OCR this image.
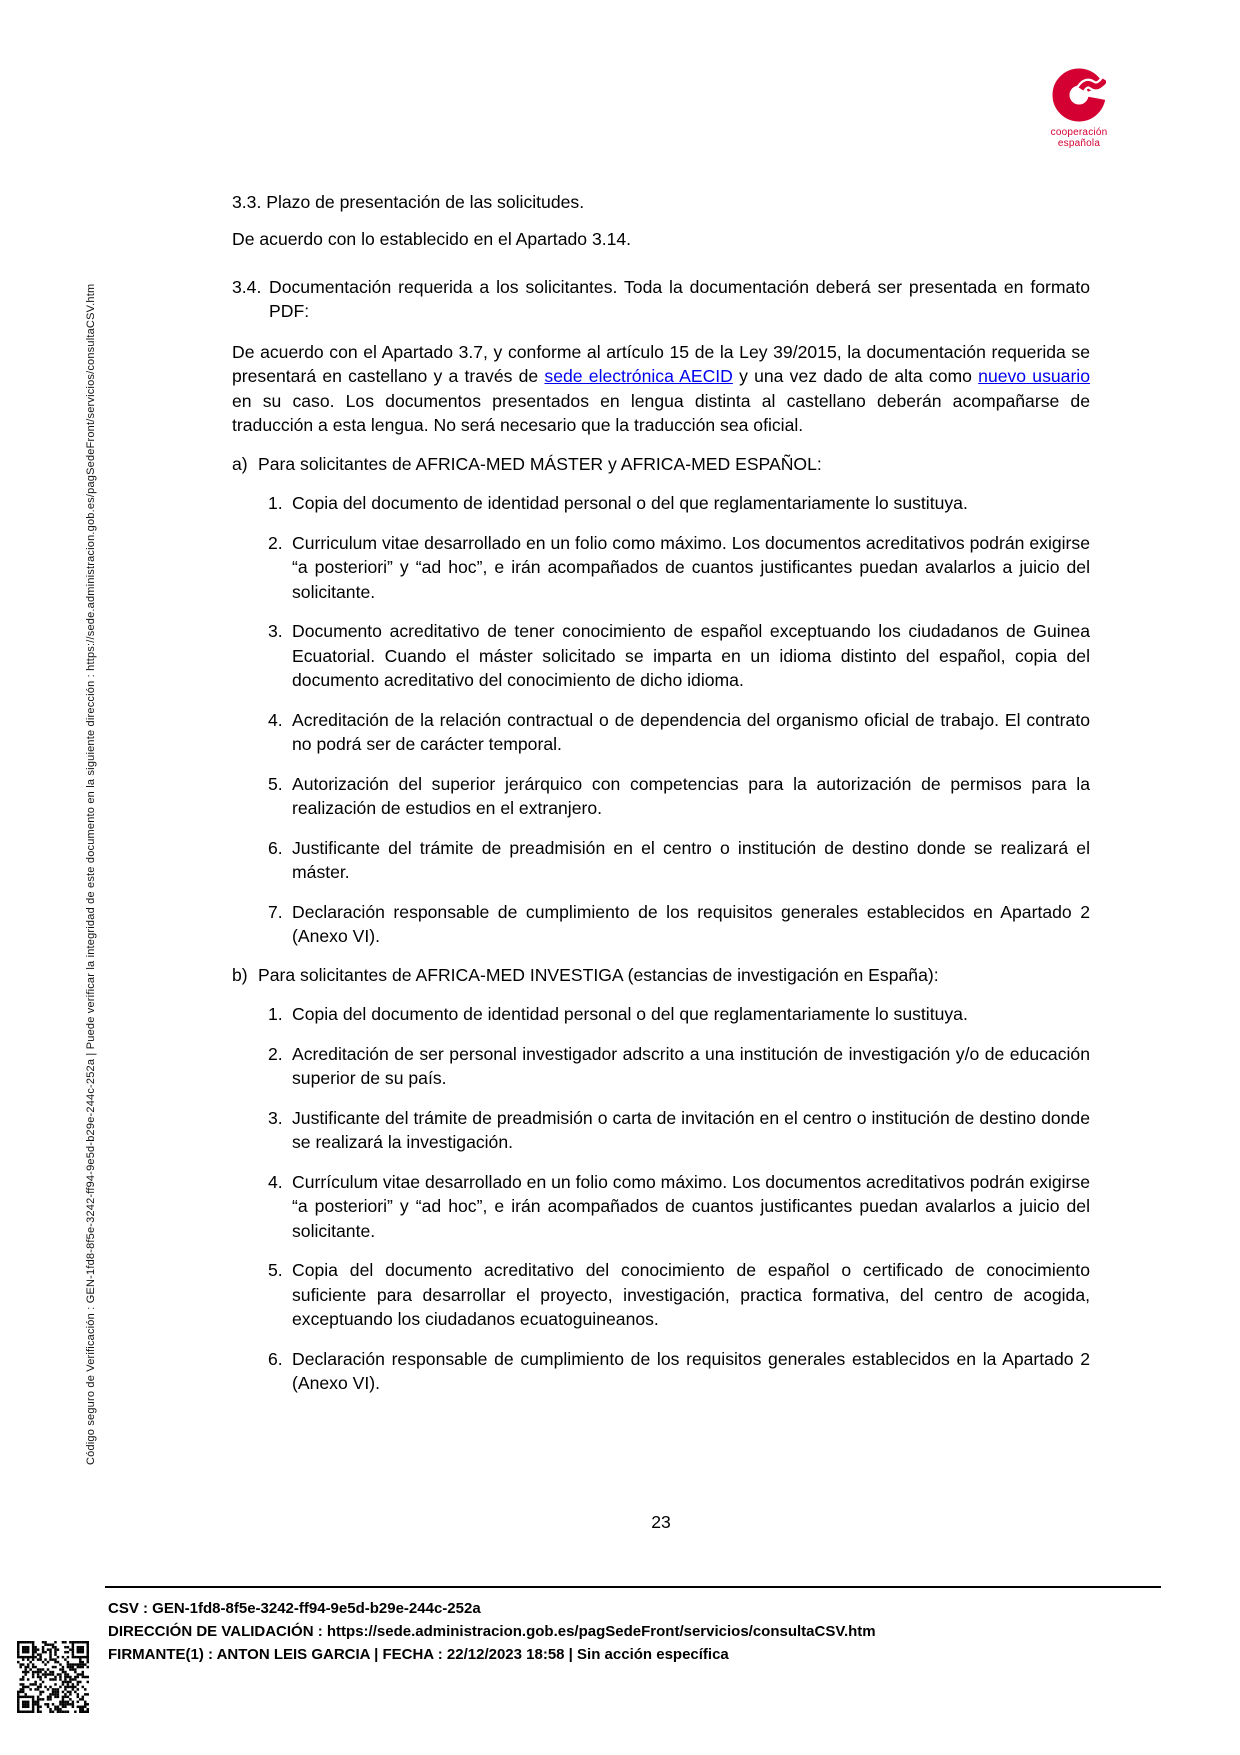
Código seguro de Verificación : GEN-1fd8-8f5e-3242-ff94-9e5d-b29e-244c-252a | Puede verificar la integridad de este documento en la siguiente dirección : https://sede.administracion.gob.es/pagSedeFront/servicios/consultaCSV.htm
cooperación
española

3.3. Plazo de presentación de las solicitudes.

De acuerdo con lo establecido en el Apartado 3.14.

3.4. Documentación requerida a los solicitantes. Toda la documentación deberá ser presentada en formato PDF:

De acuerdo con el Apartado 3.7, y conforme al artículo 15 de la Ley 39/2015, la documentación requerida se presentará en castellano y a través de sede electrónica AECID y una vez dado de alta como nuevo usuario en su caso. Los documentos presentados en lengua distinta al castellano deberán acompañarse de traducción a esta lengua. No será necesario que la traducción sea oficial.

a) Para solicitantes de AFRICA-MED MÁSTER y AFRICA-MED ESPAÑOL:

1. Copia del documento de identidad personal o del que reglamentariamente lo sustituya.
2. Curriculum vitae desarrollado en un folio como máximo. Los documentos acreditativos podrán exigirse “a posteriori” y “ad hoc”, e irán acompañados de cuantos justificantes puedan avalarlos a juicio del solicitante.
3. Documento acreditativo de tener conocimiento de español exceptuando los ciudadanos de Guinea Ecuatorial. Cuando el máster solicitado se imparta en un idioma distinto del español, copia del documento acreditativo del conocimiento de dicho idioma.
4. Acreditación de la relación contractual o de dependencia del organismo oficial de trabajo. El contrato no podrá ser de carácter temporal.
5. Autorización del superior jerárquico con competencias para la autorización de permisos para la realización de estudios en el extranjero.
6. Justificante del trámite de preadmisión en el centro o institución de destino donde se realizará el máster.
7. Declaración responsable de cumplimiento de los requisitos generales establecidos en Apartado 2 (Anexo VI).

b) Para solicitantes de AFRICA-MED INVESTIGA (estancias de investigación en España):

1. Copia del documento de identidad personal o del que reglamentariamente lo sustituya.
2. Acreditación de ser personal investigador adscrito a una institución de investigación y/o de educación superior de su país.
3. Justificante del trámite de preadmisión o carta de invitación en el centro o institución de destino donde se realizará la investigación.
4. Currículum vitae desarrollado en un folio como máximo. Los documentos acreditativos podrán exigirse “a posteriori” y “ad hoc”, e irán acompañados de cuantos justificantes puedan avalarlos a juicio del solicitante.
5. Copia del documento acreditativo del conocimiento de español o certificado de conocimiento suficiente para desarrollar el proyecto, investigación, practica formativa, del centro de acogida, exceptuando los ciudadanos ecuatoguineanos.
6. Declaración responsable de cumplimiento de los requisitos generales establecidos en la Apartado 2 (Anexo VI).
23
CSV : GEN-1fd8-8f5e-3242-ff94-9e5d-b29e-244c-252a
DIRECCIÓN DE VALIDACIÓN : https://sede.administracion.gob.es/pagSedeFront/servicios/consultaCSV.htm
FIRMANTE(1) : ANTON LEIS GARCIA | FECHA : 22/12/2023 18:58 | Sin acción específica
